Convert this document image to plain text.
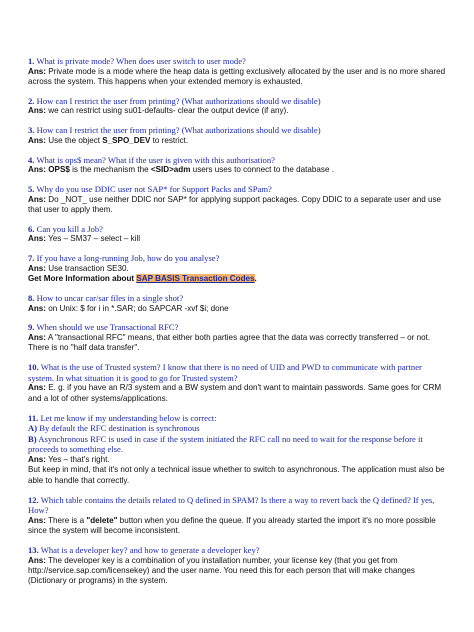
1. What is private mode? When does user switch to user mode?
Ans: Private mode is a mode where the heap data is getting exclusively allocated by the user and is no more shared across the system. This happens when your extended memory is exhausted.
2. How can I restrict the user from printing? (What authorizations should we disable)
Ans: we can restrict using su01-defaults- clear the output device (if any).
3. How can I restrict the user from printing? (What authorizations should we disable)
Ans: Use the object S_SPO_DEV to restrict.
4. What is ops$ mean? What if the user is given with this authorisation?
Ans: OPS$ is the mechanism the <SID>adm users uses to connect to the database .
5. Why do you use DDIC user not SAP* for Support Packs and SPam?
Ans: Do _NOT_ use neither DDIC nor SAP* for applying support packages. Copy DDIC to a separate user and use that user to apply them.
6. Can you kill a Job?
Ans: Yes – SM37 – select – kill
7. If you have a long-running Job, how do you analyse?
Ans: Use transaction SE30.
Get More Information about SAP BASIS Transaction Codes.
8. How to uncar car/sar files in a single shot?
Ans: on Unix: $ for i in *.SAR; do SAPCAR -xvf $i; done
9. When should we use Transactional RFC?
Ans: A "transactional RFC" means, that either both parties agree that the data was correctly transferred – or not. There is no "half data transfer".
10. What is the use of Trusted system? I know that there is no need of UID and PWD to communicate with partner system. In what situation it is good to go for Trusted system?
Ans: E. g. if you have an R/3 system and a BW system and don't want to maintain passwords. Same goes for CRM and a lot of other systems/applications.
11. Let me know if my understanding below is correct:
A) By default the RFC destination is synchronous
B) Asynchronous RFC is used in case if the system initiated the RFC call no need to wait for the response before it proceeds to something else.
Ans: Yes – that's right.
But keep in mind, that it's not only a technical issue whether to switch to asynchronous. The application must also be able to handle that correctly.
12. Which table contains the details related to Q defined in SPAM? Is there a way to revert back the Q defined? If yes, How?
Ans: There is a "delete" button when you define the queue. If you already started the import it's no more possible since the system will become inconsistent.
13. What is a developer key? and how to generate a developer key?
Ans: The developer key is a combination of you installation number, your license key (that you get from http://service.sap.com/licensekey) and the user name. You need this for each person that will make changes (Dictionary or programs) in the system.
